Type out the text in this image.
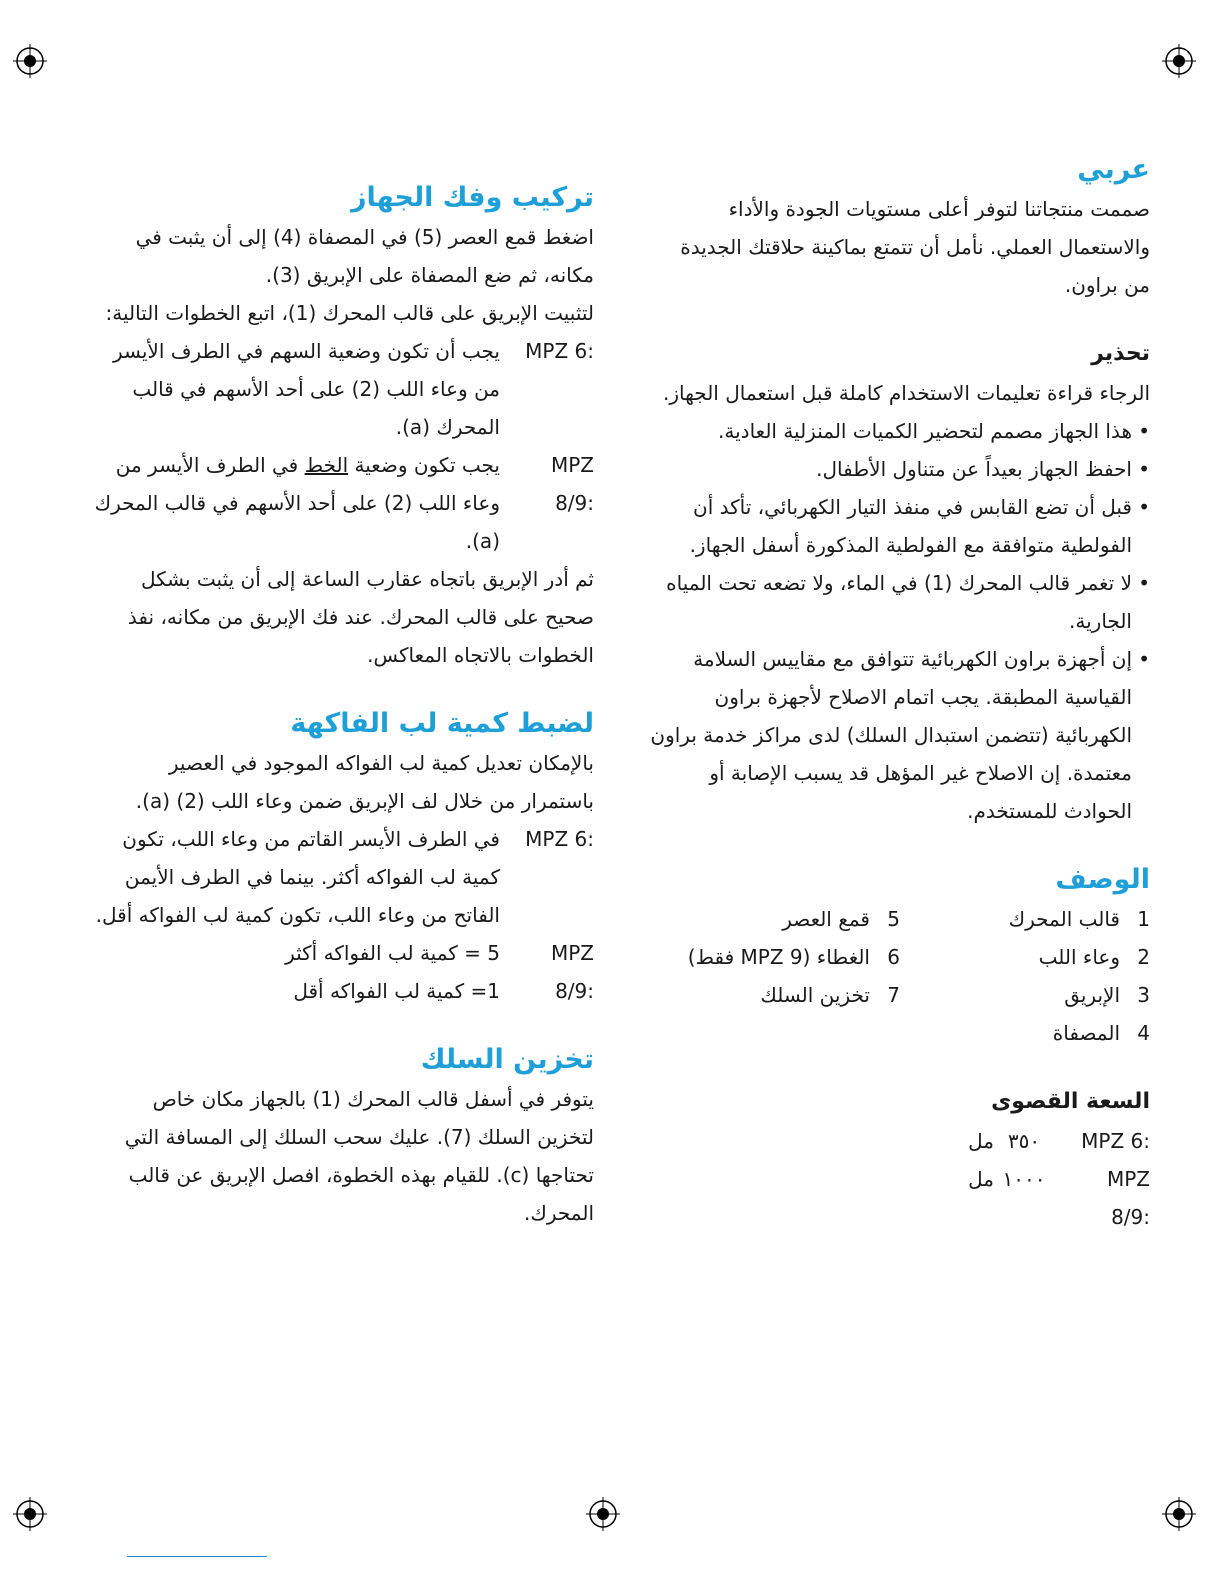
عربي

صممت منتجاتنا لتوفر أعلى مستويات الجودة والأداء والاستعمال العملي. نأمل أن تتمتع بماكينة حلاقتك الجديدة من براون.

تحذير

الرجاء قراءة تعليمات الاستخدام كاملة قبل استعمال الجهاز.

• هذا الجهاز مصمم لتحضير الكميات المنزلية العادية.
• احفظ الجهاز بعيداً عن متناول الأطفال.
• قبل أن تضع القابس في منفذ التيار الكهربائي، تأكد أن الفولطية متوافقة مع الفولطية المذكورة أسفل الجهاز.
• لا تغمر قالب المحرك (1) في الماء، ولا تضعه تحت المياه الجارية.
• إن أجهزة براون الكهربائية تتوافق مع مقاييس السلامة القياسية المطبقة. يجب اتمام الاصلاح لأجهزة براون الكهربائية (تتضمن استبدال السلك) لدى مراكز خدمة براون معتمدة. إن الاصلاح غير المؤهل قد يسبب الإصابة أو الحوادث للمستخدم.
الوصف
1
قالب المحرك
2
وعاء اللب
3
الإبريق
4
المصفاة
5
قمع العصر
6
الغطاء (MPZ 9 فقط)
7
تخزين السلك
السعة القصوى
MPZ 6:
٣٥٠
مل
MPZ 8/9:
١٠٠٠
مل
تركيب وفك الجهاز

اضغط قمع العصر (5) في المصفاة (4) إلى أن يثبت في مكانه، ثم ضع المصفاة على الإبريق (3).

لتثبيت الإبريق على قالب المحرك (1)، اتبع الخطوات التالية:

MPZ 6:
يجب أن تكون وضعية السهم في الطرف الأيسر من وعاء اللب (2) على أحد الأسهم في قالب المحرك (a).
MPZ 8/9:
يجب تكون وضعية الخط في الطرف الأيسر من وعاء اللب (2) على أحد الأسهم في قالب المحرك (a).

ثم أدر الإبريق باتجاه عقارب الساعة إلى أن يثبت بشكل صحيح على قالب المحرك. عند فك الإبريق من مكانه، نفذ الخطوات بالاتجاه المعاكس.

لضبط كمية لب الفاكهة

بالإمكان تعديل كمية لب الفواكه الموجود في العصير باستمرار من خلال لف الإبريق ضمن وعاء اللب (2) (a).

MPZ 6:
في الطرف الأيسر القاتم من وعاء اللب، تكون كمية لب الفواكه أكثر. بينما في الطرف الأيمن الفاتح من وعاء اللب، تكون كمية لب الفواكه أقل.
MPZ 8/9:
5 = كمية لب الفواكه أكثر
1= كمية لب الفواكه أقل
تخزين السلك

يتوفر في أسفل قالب المحرك (1) بالجهاز مكان خاص لتخزين السلك (7). عليك سحب السلك إلى المسافة التي تحتاجها (c). للقيام بهذه الخطوة، افصل الإبريق عن قالب المحرك.
